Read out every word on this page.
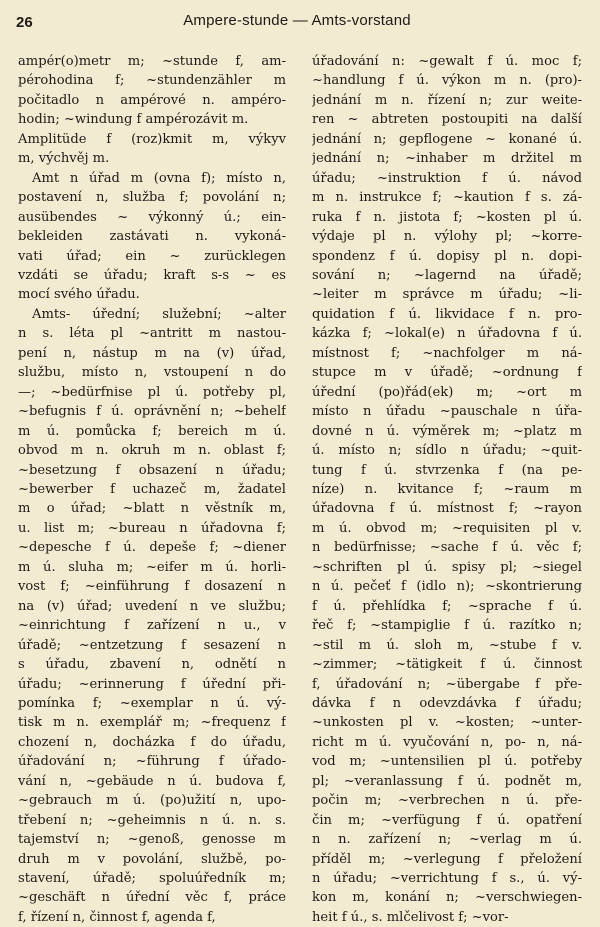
26	Ampere-stunde — Amts-vorstand
ampér(o)metr m; ~stunde f, am-
pérohodina f; ~stundenzähler m
počitadlo n ampérové n. ampéro-
hodin; ~windung f ampérozávit m.
Amplitüde f (roz)kmit m, výkyv
m, výchvěj m.
Amt n úřad m (ovna f); místo n,
postavení n, služba f; povolání n;
ausübendes ~ výkonný ú.; ein-
bekleiden zastávati n. vykoná-
vati úřad; ein ~ zurücklegen
vzdáti se úřadu; kraft s-s ~ es
mocí svého úřadu.
Amts- úřední; služební; ~alter
n s. léta pl ~antritt m nastou-
pení n, nástup m na (v) úřad,
službu, místo n, vstoupení n do
—; ~bedürfnise pl ú. potřeby pl,
~befugnis f ú. oprávnění n; ~behelf
m ú. pomůcka f; bereich m ú.
obvod m n. okruh m n. oblast f;
~besetzung f obsazení n úřadu;
~bewerber f uchazeč m, žadatel
m o úřad; ~blatt n věstník m,
u. list m; ~bureau n úřadovna f;
~depesche f ú. depeše f; ~diener
m ú. sluha m; ~eifer m ú. horli-
vost f; ~einführung f dosazení n
na (v) úřad; uvedení n ve službu;
~einrichtung f zařízení n u., v
úřadě; ~entzetzung f sesazení n
s úřadu, zbavení n, odnětí n
úřadu; ~erinnerung f úřední při-
pomínka f; ~exemplar n ú. vý-
tisk m n. exemplář m; ~frequenz f
chození n, docházka f do úřadu,
úřadování n; ~führung f úřado-
vání n, ~gebäude n ú. budova f,
~gebrauch m ú. (po)užití n, upo-
třebení n; ~geheimnis n ú. n. s.
tajemství n; ~genoß, genosse m
druh m v povolání, službě, po-
stavení, úřadě; spoluúředník m;
~geschäft n úřední věc f, práce
f, řízení n, činnost f, agenda f,
úřadování n: ~gewalt f ú. moc f;
~handlung f ú. výkon m n. (pro)-
jednání m n. řízení n; zur weite-
ren ~ abtreten postoupiti na další
jednání n; gepflogene ~ konané ú.
jednání n; ~inhaber m držitel m
úřadu; ~instruktion f ú. návod
m n. instrukce f; ~kaution f s. zá-
ruka f n. jistota f; ~kosten pl ú.
výdaje pl n. výlohy pl; ~korre-
spondenz f ú. dopisy pl n. dopi-
sování n; ~lagernd na úřadě;
~leiter m správce m úřadu; ~li-
quidation f ú. likvidace f n. pro-
kázka f; ~lokal(e) n úřadovna f ú.
místnost f; ~nachfolger m ná-
stupce m v úřadě; ~ordnung f
úřední (po)řád(ek) m; ~ort m
místo n úřadu ~pauschale n úřa-
dovné n ú. výměrek m; ~platz m
ú. místo n; sídlo n úřadu; ~quit-
tung f ú. stvrzenka f (na pe-
níze) n. kvitance f; ~raum m
úřadovna f ú. místnost f; ~rayon
m ú. obvod m; ~requisiten pl v.
n bedürfnisse; ~sache f ú. věc f;
~schriften pl ú. spisy pl; ~siegel
n ú. pečeť f (idlo n); ~skontrierung
f ú. přehlídka f; ~sprache f ú.
řeč f; ~stampiglie f ú. razítko n;
~stil m ú. sloh m, ~stube f v.
~zimmer; ~tätigkeit f ú. činnost
f, úřadování n; ~übergabe f pře-
dávka f n odevzdávka f úřadu;
~unkosten pl v. ~kosten; ~unter-
richt m ú. vyučování n, po- n, ná-
vod m; ~untensilien pl ú. potřeby
pl; ~veranlassung f ú. podnět m,
počin m; ~verbrechen n ú. pře-
čin m; ~verfügung f ú. opatření
n n. zařízení n; ~verlag m ú.
příděl m; ~verlegung f přeložení
n úřadu; ~verrichtung f s., ú. vý-
kon m, konání n; ~verschwiegen-
heit f ú., s. mlčelivost f; ~vor-
